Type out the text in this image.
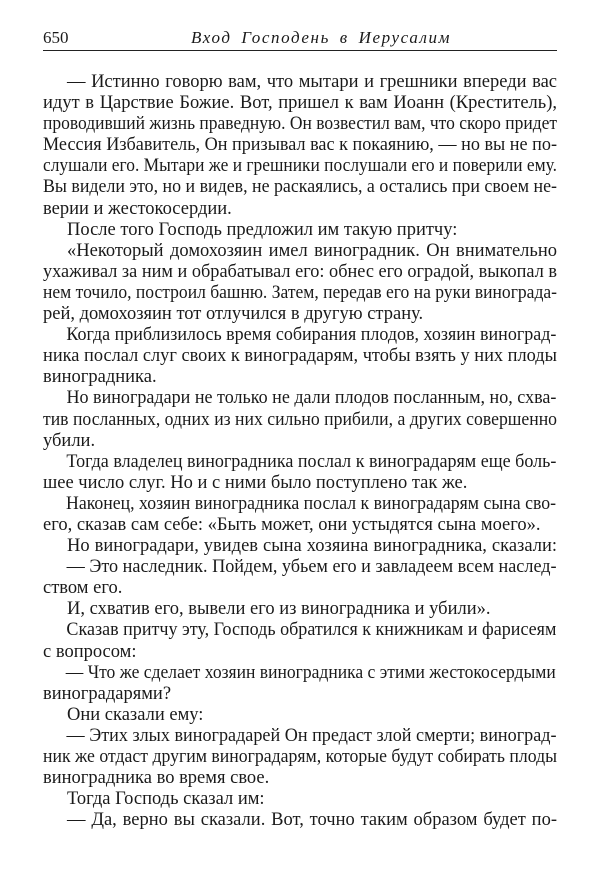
650	Вход Господень в Иерусалим
— Истинно говорю вам, что мытари и грешники впереди вас
идут в Царствие Божие. Вот, пришел к вам Иоанн (Креститель),
проводивший жизнь праведную. Он возвестил вам, что скоро придет
Мессия Избавитель, Он призывал вас к покаянию, — но вы не по-
слушали его. Мытари же и грешники послушали его и поверили ему.
Вы видели это, но и видев, не раскаялись, а остались при своем не-
верии и жестокосердии.
После того Господь предложил им такую притчу:
«Некоторый домохозяин имел виноградник. Он внимательно
ухаживал за ним и обрабатывал его: обнес его оградой, выкопал в
нем точило, построил башню. Затем, передав его на руки винограда-
рей, домохозяин тот отлучился в другую страну.
Когда приблизилось время собирания плодов, хозяин виноград-
ника послал слуг своих к виноградарям, чтобы взять у них плоды
виноградника.
Но виноградари не только не дали плодов посланным, но, схва-
тив посланных, одних из них сильно прибили, а других совершенно
убили.
Тогда владелец виноградника послал к виноградарям еще боль-
шее число слуг. Но и с ними было поступлено так же.
Наконец, хозяин виноградника послал к виноградарям сына сво-
его, сказав сам себе: «Быть может, они устыдятся сына моего».
Но виноградари, увидев сына хозяина виноградника, сказали:
— Это наследник. Пойдем, убьем его и завладеем всем наслед-
ством его.
И, схватив его, вывели его из виноградника и убили».
Сказав притчу эту, Господь обратился к книжникам и фарисеям
с вопросом:
— Что же сделает хозяин виноградника с этими жестокосердыми
виноградарями?
Они сказали ему:
— Этих злых виноградарей Он предаст злой смерти; виноград-
ник же отдаст другим виноградарям, которые будут собирать плоды
виноградника во время свое.
Тогда Господь сказал им:
— Да, верно вы сказали. Вот, точно таким образом будет по-
